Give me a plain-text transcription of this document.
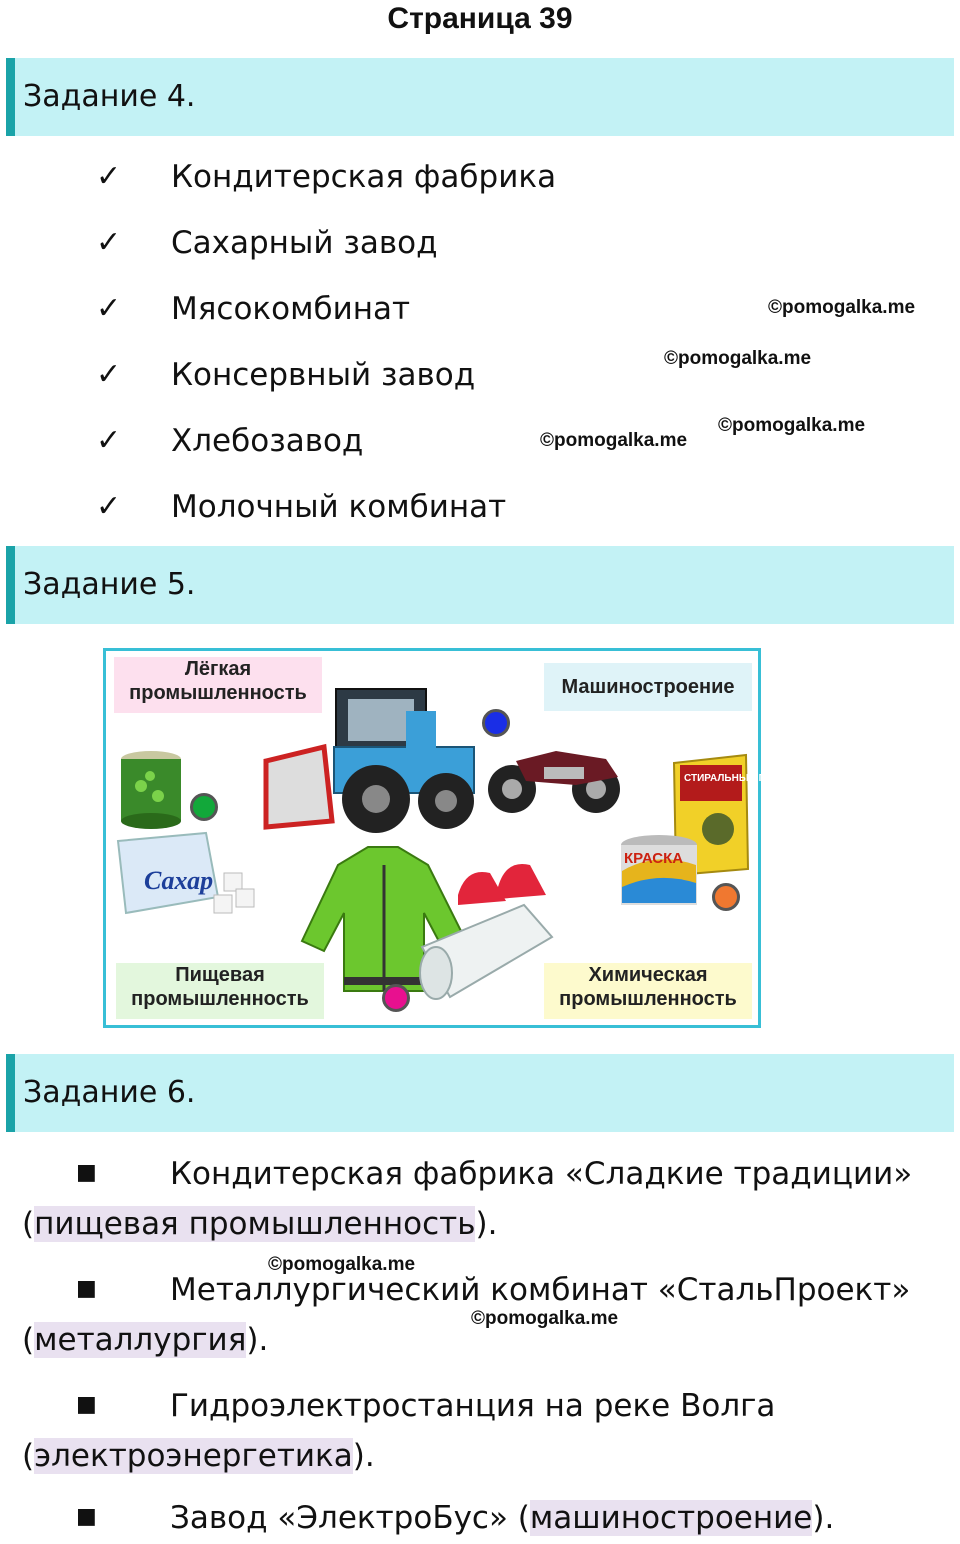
Страница 39
Задание 4.
✓ Кондитерская фабрика
✓ Сахарный завод
✓ Мясокомбинат
✓ Консервный завод
✓ Хлебозавод
✓ Молочный комбинат
©pomogalka.me
©pomogalka.me
©pomogalka.me
©pomogalka.me
Задание 5.
Лёгкая промышленность	Машиностроение
Пищевая промышленность
Химическая промышленность
Сахар
СТИРАЛЬНЫЙ ПОРОШОК
КРАСКА
Задание 6.
■ Кондитерская фабрика «Сладкие традиции»
(пищевая промышленность).
©pomogalka.me
■ Металлургический комбинат «СтальПроект»
(металлургия).
©pomogalka.me
■ Гидроэлектростанция на реке Волга
(электроэнергетика).
■ Завод «ЭлектроБус» (машиностроение).
